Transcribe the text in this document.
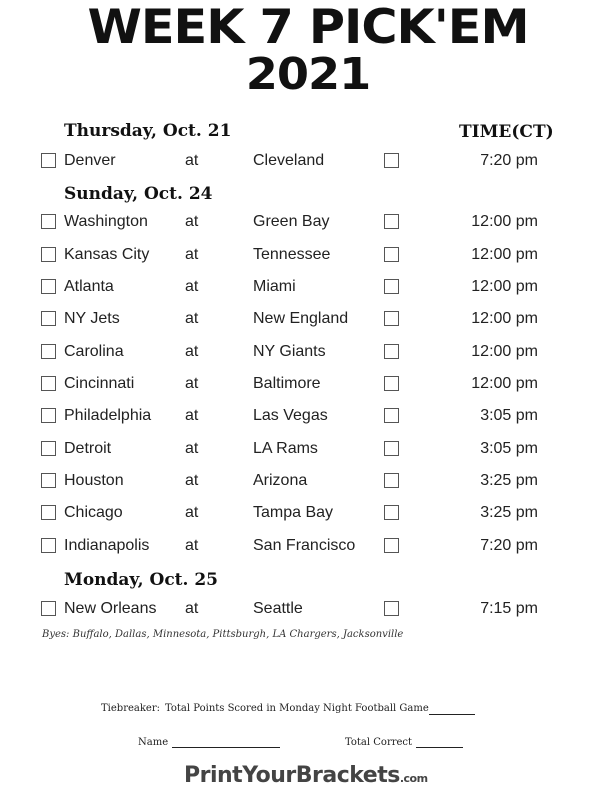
WEEK 7 PICK'EM
2021
TIME(CT)
Thursday, Oct. 21
Denver	at	Cleveland	7:20 pm
Sunday, Oct. 24
Washington at	Green Bay	12:00 pm
Kansas City at	Tennessee	12:00 pm
Atlanta	at	Miami	12:00 pm
NY Jets	at	New England	12:00 pm
Carolina	at	NY Giants	12:00 pm
Cincinnati	at	Baltimore	12:00 pm
Philadelphia at	Las Vegas	3:05 pm
Detroit	at	LA Rams	3:05 pm
Houston	at	Arizona	3:25 pm
Chicago	at	Tampa Bay	3:25 pm
Indianapolis at	San Francisco	7:20 pm
Monday, Oct. 25
New Orleans at	Seattle	7:15 pm
Byes: Buffalo, Dallas, Minnesota, Pittsburgh, LA Chargers, Jacksonville
Tiebreaker: Total Points Scored in Monday Night Football Game
Name	Total Correct
PrintYourBrackets.com
